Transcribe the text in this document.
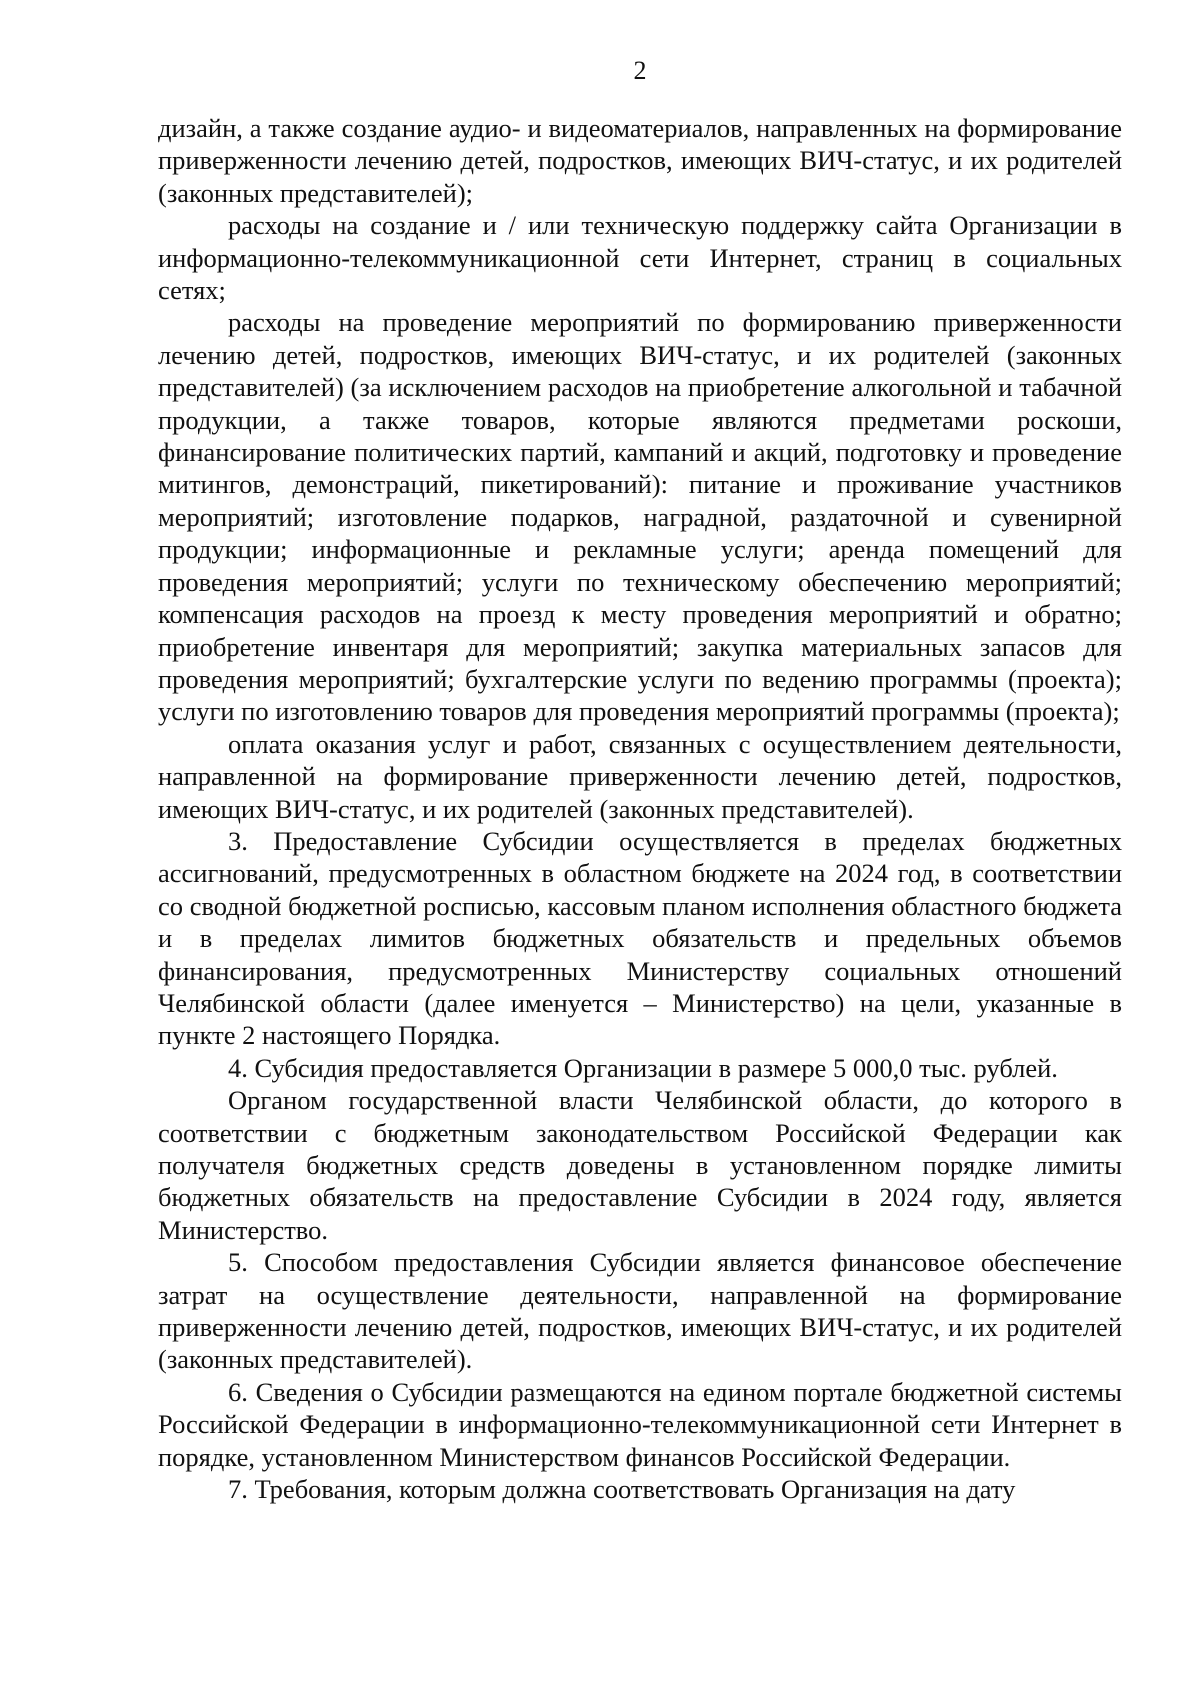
2

дизайн, а также создание аудио- и видеоматериалов, направленных на формирование приверженности лечению детей, подростков, имеющих ВИЧ-статус, и их родителей (законных представителей);

расходы на создание и / или техническую поддержку сайта Организации в информационно-телекоммуникационной сети Интернет, страниц в социальных сетях;

расходы на проведение мероприятий по формированию приверженности лечению детей, подростков, имеющих ВИЧ-статус, и их родителей (законных представителей) (за исключением расходов на приобретение алкогольной и табачной продукции, а также товаров, которые являются предметами роскоши, финансирование политических партий, кампаний и акций, подготовку и проведение митингов, демонстраций, пикетирований): питание и проживание участников мероприятий; изготовление подарков, наградной, раздаточной и сувенирной продукции; информационные и рекламные услуги; аренда помещений для проведения мероприятий; услуги по техническому обеспечению мероприятий; компенсация расходов на проезд к месту проведения мероприятий и обратно; приобретение инвентаря для мероприятий; закупка материальных запасов для проведения мероприятий; бухгалтерские услуги по ведению программы (проекта); услуги по изготовлению товаров для проведения мероприятий программы (проекта);

оплата оказания услуг и работ, связанных с осуществлением деятельности, направленной на формирование приверженности лечению детей, подростков, имеющих ВИЧ-статус, и их родителей (законных представителей).

3. Предоставление Субсидии осуществляется в пределах бюджетных ассигнований, предусмотренных в областном бюджете на 2024 год, в соответствии со сводной бюджетной росписью, кассовым планом исполнения областного бюджета и в пределах лимитов бюджетных обязательств и предельных объемов финансирования, предусмотренных Министерству социальных отношений Челябинской области (далее именуется – Министерство) на цели, указанные в пункте 2 настоящего Порядка.

4. Субсидия предоставляется Организации в размере 5 000,0 тыс. рублей.

Органом государственной власти Челябинской области, до которого в соответствии с бюджетным законодательством Российской Федерации как получателя бюджетных средств доведены в установленном порядке лимиты бюджетных обязательств на предоставление Субсидии в 2024 году, является Министерство.

5. Способом предоставления Субсидии является финансовое обеспечение затрат на осуществление деятельности, направленной на формирование приверженности лечению детей, подростков, имеющих ВИЧ-статус, и их родителей (законных представителей).

6. Сведения о Субсидии размещаются на едином портале бюджетной системы Российской Федерации в информационно-телекоммуникационной сети Интернет в порядке, установленном Министерством финансов Российской Федерации.

7. Требования, которым должна соответствовать Организация на дату
